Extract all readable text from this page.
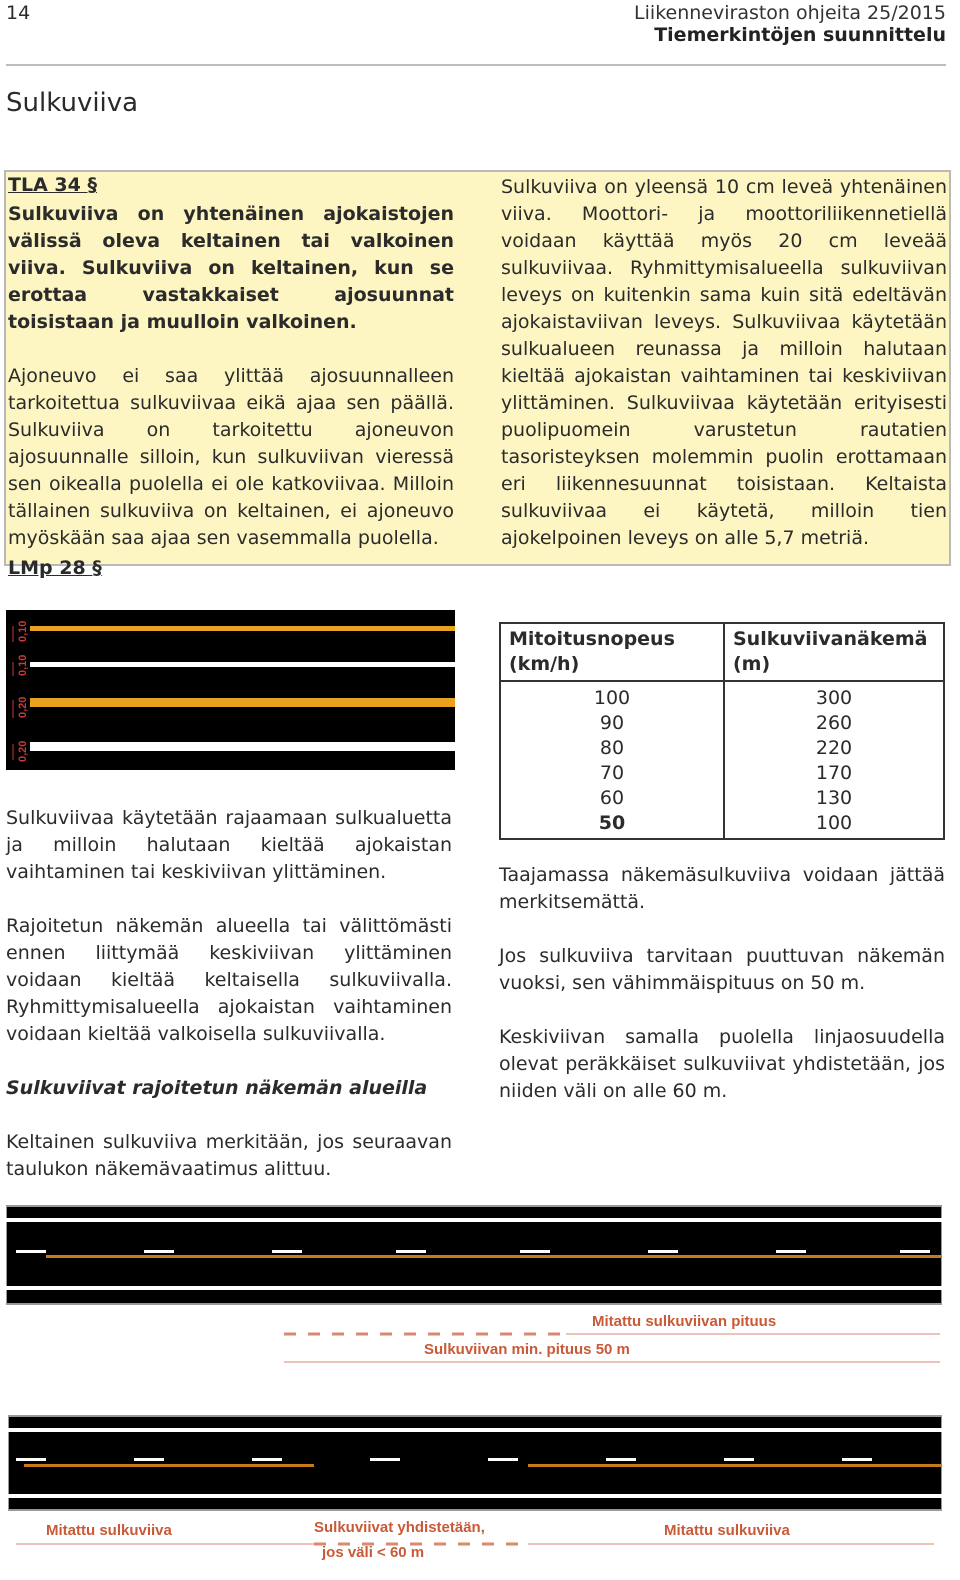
14	Liikenneviraston ohjeita 25/2015
Tiemerkintöjen suunnittelu
Sulkuviiva
TLA 34 §

Sulkuviiva on yhtenäinen ajokaistojen välissä oleva keltainen tai valkoinen viiva. Sulkuviiva on keltainen, kun se erottaa vastakkaiset ajosuunnat toisistaan ja muulloin valkoinen.

Ajoneuvo ei saa ylittää ajosuunnalleen tarkoitettua sulkuviivaa eikä ajaa sen päällä. Sulkuviiva on tarkoitettu ajoneuvon ajosuunnalle silloin, kun sulkuviivan vieressä sen oikealla puolella ei ole katkoviivaa. Milloin tällainen sulkuviiva on keltainen, ei ajoneuvo myöskään saa ajaa sen vasemmalla puolella.

LMp 28 §

Sulkuviiva on yleensä 10 cm leveä yhtenäinen viiva. Moottori- ja moottoriliikennetiellä voidaan käyttää myös 20 cm leveää sulkuviivaa. Ryhmittymisalueella sulkuviivan leveys on kuitenkin sama kuin sitä edeltävän ajokaistaviivan leveys. Sulkuviivaa käytetään sulkualueen reunassa ja milloin halutaan kieltää ajokaistan vaihtaminen tai keskiviivan ylittäminen. Sulkuviivaa käytetään erityisesti puolipuomein varustetun rautatien tasoristeyksen molemmin puolin erottamaan eri liikennesuunnat toisistaan. Keltaista sulkuviivaa ei käytetä, milloin tien ajokelpoinen leveys on alle 5,7 metriä.

0,20
0,20
0,10
0,10

Sulkuviivaa käytetään rajaamaan sulkualuetta ja milloin halutaan kieltää ajokaistan vaihtaminen tai keskiviivan ylittäminen.

Rajoitetun näkemän alueella tai välittömästi ennen liittymää keskiviivan ylittäminen voidaan kieltää keltaisella sulkuviivalla. Ryhmittymisalueella ajokaistan vaihtaminen voidaan kieltää valkoisella sulkuviivalla.

Sulkuviivat rajoitetun näkemän alueilla

Keltainen sulkuviiva merkitään, jos seuraavan taulukon näkemävaatimus alittuu.

Mitoitusnopeus
(km/h)	Sulkuviivanäkemä
(m)
100	300
90	260
80	220
70	170
60	130
50	100

Taajamassa näkemäsulkuviiva voidaan jättää merkitsemättä.

Jos sulkuviiva tarvitaan puuttuvan näkemän vuoksi, sen vähimmäispituus on 50 m.

Keskiviivan samalla puolella linjaosuudella olevat peräkkäiset sulkuviivat yhdistetään, jos niiden väli on alle 60 m.

Mitattu sulkuviivan pituus
Sulkuviivan min. pituus 50 m
Mitattu sulkuviiva	Sulkuviivat yhdistetään,
jos väli < 60 m
Mitattu sulkuviiva
